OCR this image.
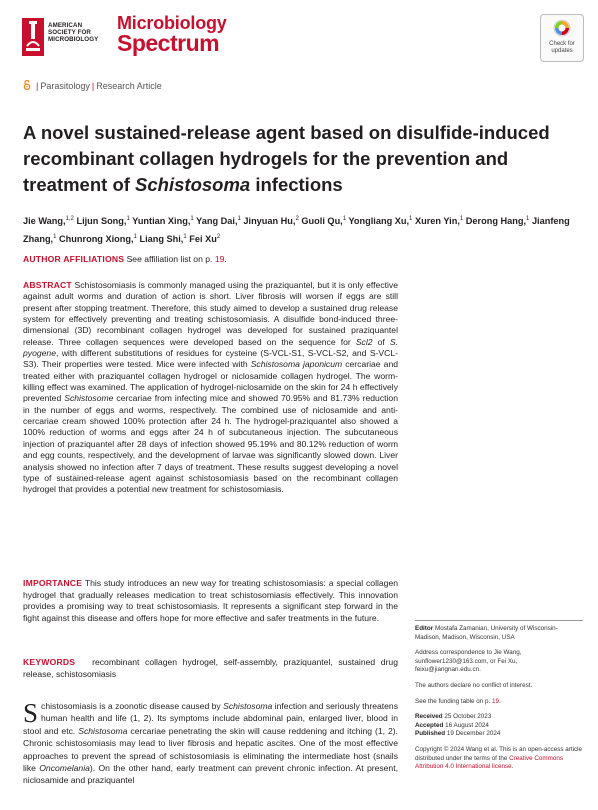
AMERICAN
SOCIETY FOR
MICROBIOLOGY
Microbiology
Spectrum	Check for
updates
| Parasitology | Research Article
A novel sustained-release agent based on disulfide-induced recombinant collagen hydrogels for the prevention and treatment of Schistosoma infections
Jie Wang,$^{1,2}$ Lijun Song,$^1$ Yuntian Xing,$^1$ Yang Dai,$^1$ Jinyuan Hu,$^2$ Guoli Qu,$^1$ Yongliang Xu,$^1$ Xuren Yin,$^1$ Derong Hang,$^1$ Jianfeng Zhang,$^1$ Chunrong Xiong,$^1$ Liang Shi,$^1$ Fei Xu$^2$
AUTHOR AFFILIATIONS See affiliation list on p. 19.
ABSTRACT Schistosomiasis is commonly managed using the praziquantel, but it is only effective against adult worms and duration of action is short. Liver fibrosis will worsen if eggs are still present after stopping treatment. Therefore, this study aimed to develop a sustained drug release system for effectively preventing and treating schistosomiasis. A disulfide bond-induced three-dimensional (3D) recombinant collagen hydrogel was developed for sustained praziquantel release. Three collagen sequences were developed based on the sequence for Scl2 of S. pyogene, with different substitutions of residues for cysteine (S-VCL-S1, S-VCL-S2, and S-VCL-S3). Their properties were tested. Mice were infected with Schistosoma japonicum cercariae and treated either with praziquantel collagen hydrogel or niclosamide collagen hydrogel. The worm-killing effect was examined. The application of hydrogel-niclosamide on the skin for 24 h effectively prevented Schistosome cercariae from infecting mice and showed 70.95% and 81.73% reduction in the number of eggs and worms, respectively. The combined use of niclosamide and anti-cercariae cream showed 100% protection after 24 h. The hydrogel-praziquantel also showed a 100% reduction of worms and eggs after 24 h of subcutaneous injection. The subcutaneous injection of praziquantel after 28 days of infection showed 95.19% and 80.12% reduction of worm and egg counts, respectively, and the development of larvae was significantly slowed down. Liver analysis showed no infection after 7 days of treatment. These results suggest developing a novel type of sustained-release agent against schistosomiasis based on the recombinant collagen hydrogel that provides a potential new treatment for schistosomiasis.
IMPORTANCE This study introduces an new way for treating schistosomiasis: a special collagen hydrogel that gradually releases medication to treat schistosomiasis effectively. This innovation provides a promising way to treat schistosomiasis. It represents a significant step forward in the fight against this disease and offers hope for more effective and safer treatments in the future.
KEYWORDS recombinant collagen hydrogel, self-assembly, praziquantel, sustained drug release, schistosomiasis
Schistosomiasis is a zoonotic disease caused by Schistosoma infection and seriously threatens human health and life (1, 2). Its symptoms include abdominal pain, enlarged liver, blood in stool and etc. Schistosoma cercariae penetrating the skin will cause reddening and itching (1, 2). Chronic schistosomiasis may lead to liver fibrosis and hepatic ascites. One of the most effective approaches to prevent the spread of schistosomiasis is eliminating the intermediate host (snails like Oncomelania). On the other hand, early treatment can prevent chronic infection. At present, niclosamide and praziquantel

Editor Mostafa Zamanian, University of Wisconsin-Madison, Madison, Wisconsin, USA

Address correspondence to Jie Wang, sunflower1230@163.com, or Fei Xu, feixu@jiangnan.edu.cn.

The authors declare no conflict of interest.

See the funding table on p. 19.

Received 25 October 2023
Accepted 16 August 2024
Published 19 December 2024

Copyright © 2024 Wang et al. This is an open-access article distributed under the terms of the Creative Commons Attribution 4.0 International license.
